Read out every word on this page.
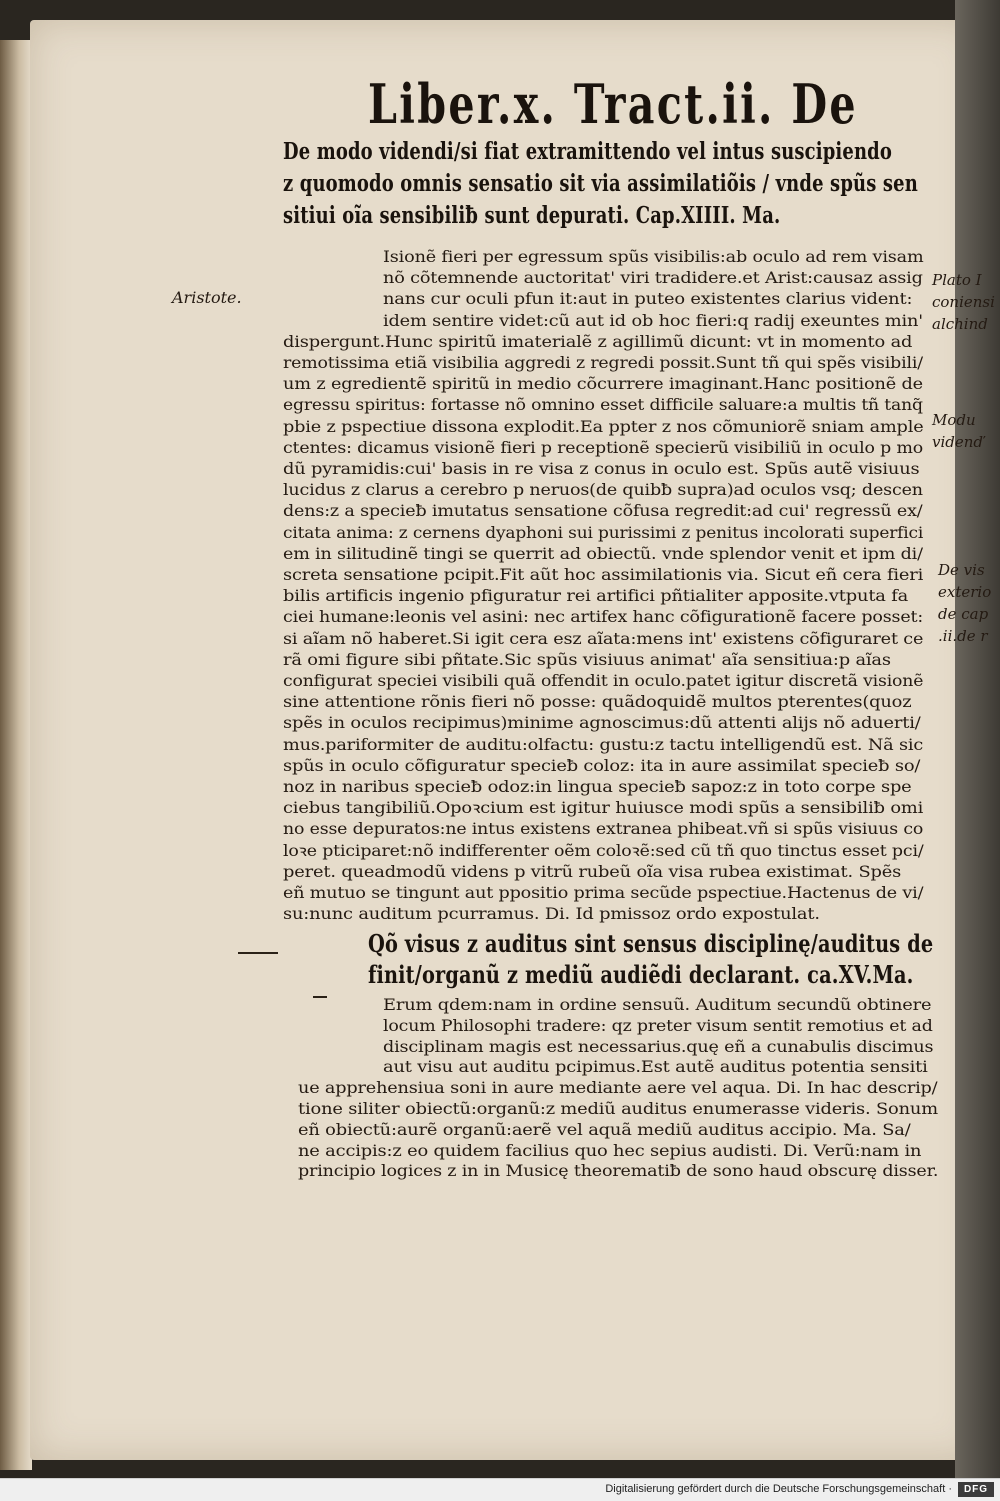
Liber.x. Tract.ii. De
De modo videndi/si fiat extramittendo vel intus suscipiendo
z quomodo omnis sensatio sit via assimilatiõis / vnde spũs sen
sitiui oĩa sensibiliƀ sunt depurati. Cap.XIIII. Ma.
Isionẽ fieri per egressum spũs visibilis:ab oculo ad rem visam
nõ cõtemnende auctoritat' viri tradidere.et Arist:causaz assig
nans cur oculi pfun it:aut in puteo existentes clarius vident:
idem sentire videt:cũ aut id ob hoc fieri:q radij exeuntes min'
dispergunt.Hunc spiritũ imaterialẽ z agillimũ dicunt: vt in momento ad
remotissima etiã visibilia aggredi z regredi possit.Sunt tñ qui spẽs visibili/
um z egredientẽ spiritũ in medio cõcurrere imaginant.Hanc positionẽ de
egressu spiritus: fortasse nõ omnino esset difficile saluare:a multis tñ tanq̃
pbie z pspectiue dissona explodit.Ea ppter z nos cõmuniorẽ sniam ample
ctentes: dicamus visionẽ fieri p receptionẽ specierũ visibiliũ in oculo p mo
dũ pyramidis:cui' basis in re visa z conus in oculo est. Spũs autẽ visiuus
lucidus z clarus a cerebro p neruos(de quibƀ supra)ad oculos vsq; descen
dens:z a specieƀ imutatus sensatione cõfusa regredit:ad cui' regressũ ex/
citata anima: z cernens dyaphoni sui purissimi z penitus incolorati superfici
em in silitudinẽ tingi se querrit ad obiectũ. vnde splendor venit et ipm di/
screta sensatione pcipit.Fit aũt hoc assimilationis via. Sicut eñ cera fieri
bilis artificis ingenio pfiguratur rei artifici pñtialiter apposite.vtputa fa
ciei humane:leonis vel asini: nec artifex hanc cõfigurationẽ facere posset:
si aĩam nõ haberet.Si igit cera esz aĩata:mens int' existens cõfiguraret ce
rã omi figure sibi pñtate.Sic spũs visiuus animat' aĩa sensitiua:p aĩas
configurat speciei visibili quã offendit in oculo.patet igitur discretã visionẽ
sine attentione rõnis fieri nõ posse: quãdoquidẽ multos pterentes(quoz
spẽs in oculos recipimus)minime agnoscimus:dũ attenti alijs nõ aduerti/
mus.pariformiter de auditu:olfactu: gustu:z tactu intelligendũ est. Nã sic
spũs in oculo cõfiguratur specieƀ coloz: ita in aure assimilat specieƀ so/
noz in naribus specieƀ odoz:in lingua specieƀ sapoz:z in toto corpe spe
ciebus tangibiliũ.Opoꝛcium est igitur huiusce modi spũs a sensibiliƀ omi
no esse depuratos:ne intus existens extranea phibeat.vñ si spũs visiuus co
loꝛe pticiparet:nõ indifferenter oẽm coloꝛẽ:sed cũ tñ quo tinctus esset pci/
peret. queadmodũ videns p vitrũ rubeũ oĩa visa rubea existimat. Spẽs
eñ mutuo se tingunt aut ppositio prima secũde pspectiue.Hactenus de vi/
su:nunc auditum pcurramus. Di. Id pmissoz ordo expostulat.
Aristote.
Plato I
coniensi
alchind
Modu
videnď
De vis
exterio
de cap
.ii.de r
Qõ visus z auditus sint sensus disciplinę/auditus de
finit/organũ z mediũ audiẽdi declarant. ca.XV.Ma.
Erum qdem:nam in ordine sensuũ. Auditum secundũ obtinere
locum Philosophi tradere: qz preter visum sentit remotius et ad
disciplinam magis est necessarius.quę eñ a cunabulis discimus
aut visu aut auditu pcipimus.Est autẽ auditus potentia sensiti
ue apprehensiua soni in aure mediante aere vel aqua. Di. In hac descrip/
tione siliter obiectũ:organũ:z mediũ auditus enumerasse videris. Sonum
eñ obiectũ:aurẽ organũ:aerẽ vel aquã mediũ auditus accipio. Ma. Sa/
ne accipis:z eo quidem facilius quo hec sepius audisti. Di. Verũ:nam in
principio logices z in in Musicę theorematiƀ de sono haud obscurę disser.
Digitalisierung gefördert durch die Deutsche Forschungsgemeinschaft ·	DFG
